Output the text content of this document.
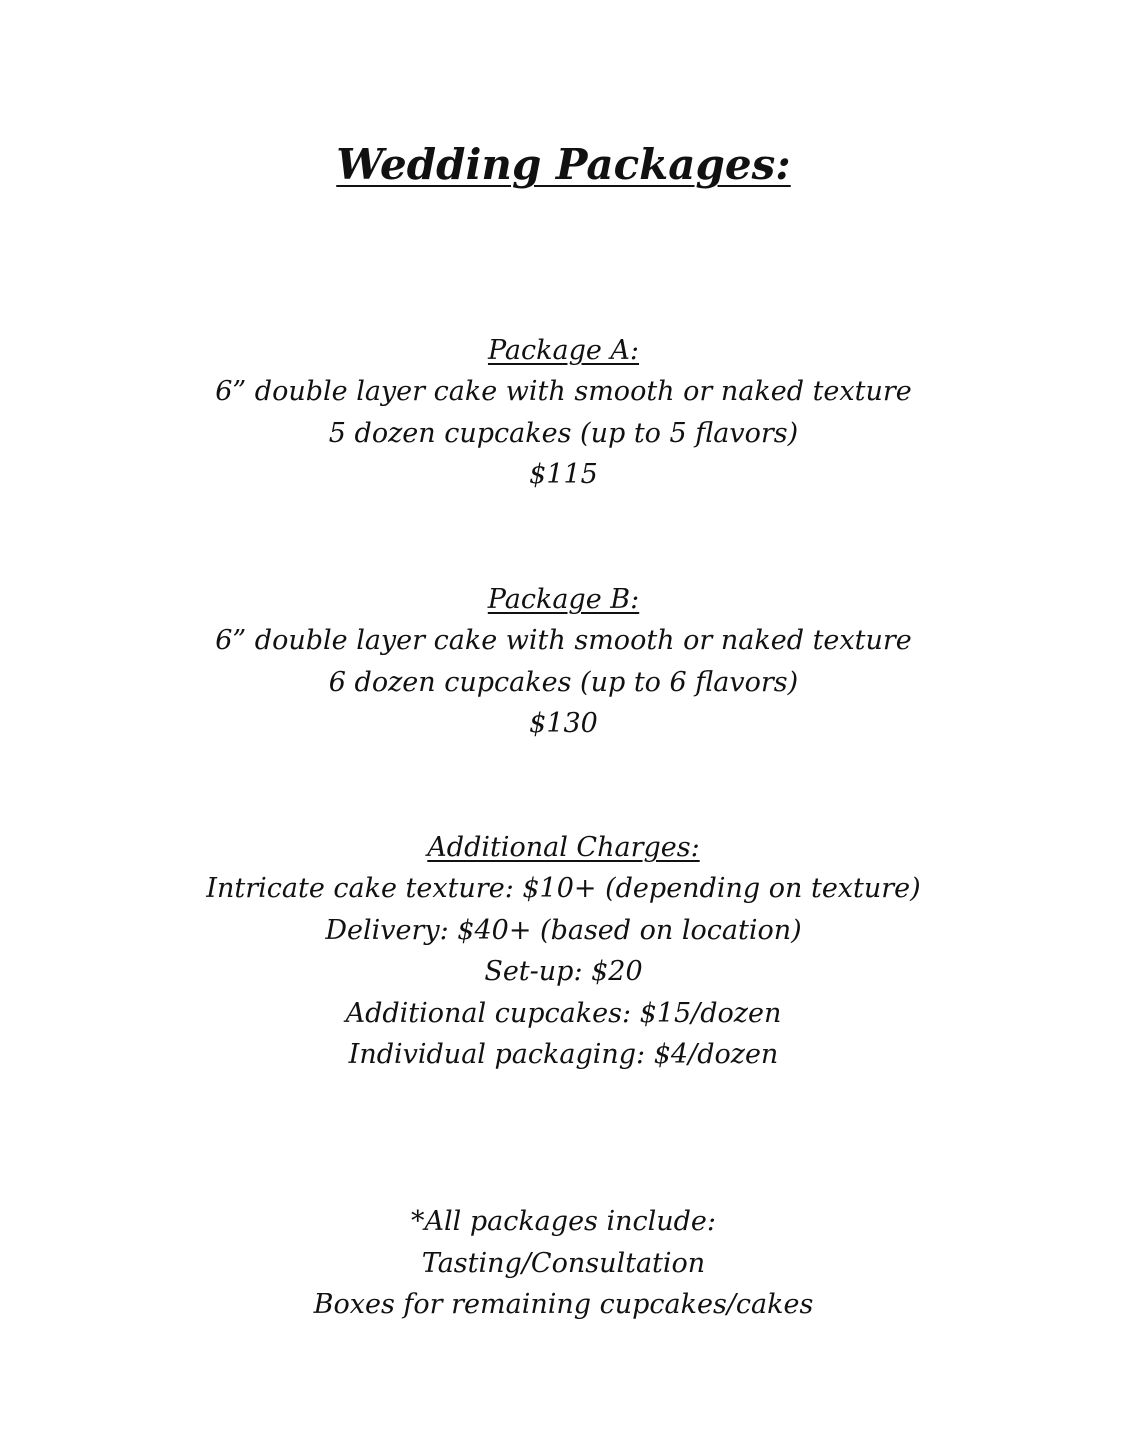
Wedding Packages:

Package A:

6” double layer cake with smooth or naked texture

5 dozen cupcakes (up to 5 flavors)

$115

Package B:

6” double layer cake with smooth or naked texture

6 dozen cupcakes (up to 6 flavors)

$130

Additional Charges:

Intricate cake texture: $10+ (depending on texture)

Delivery: $40+ (based on location)

Set-up: $20

Additional cupcakes: $15/dozen

Individual packaging: $4/dozen

*All packages include:

Tasting/Consultation

Boxes for remaining cupcakes/cakes
